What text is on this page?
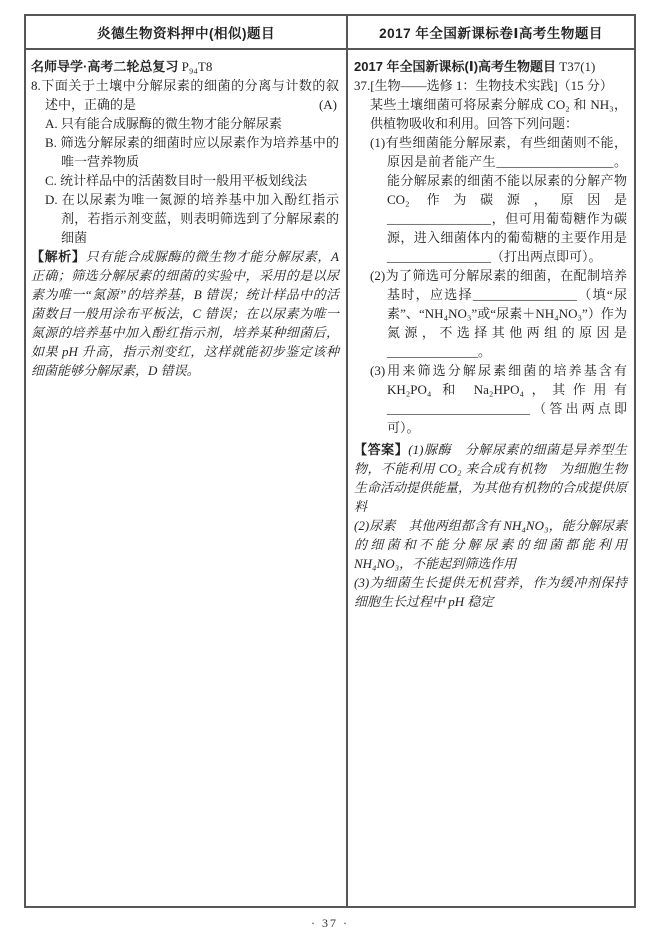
炎德生物资料押中(相似)题目	2017 年全国新课标卷Ⅰ高考生物题目

名师导学·高考二轮总复习 P₉₄T8

8.下面关于土壤中分解尿素的细菌的分离与计数的叙述中，正确的是	(A)

A. 只有能合成脲酶的微生物才能分解尿素

B. 筛选分解尿素的细菌时应以尿素作为培养基中的唯一营养物质

C. 统计样品中的活菌数目时一般用平板划线法

D. 在以尿素为唯一氮源的培养基中加入酚红指示剂，若指示剂变蓝，则表明筛选到了分解尿素的细菌

【解析】只有能合成脲酶的微生物才能分解尿素，A 正确；筛选分解尿素的细菌的实验中，采用的是以尿素为唯一“氮源”的培养基，B 错误；统计样品中的活菌数目一般用涂布平板法，C 错误；在以尿素为唯一氮源的培养基中加入酚红指示剂，培养某种细菌后，如果 pH 升高，指示剂变红，这样就能初步鉴定该种细菌能够分解尿素，D 错误。

2017 年全国新课标(Ⅰ)高考生物题目 T37(1)

37.[生物——选修 1：生物技术实践]（15 分）

某些土壤细菌可将尿素分解成 CO₂ 和 NH₃，供植物吸收和利用。回答下列问题：

(1)有些细菌能分解尿素，有些细菌则不能，原因是前者能产生__________________。能分解尿素的细菌不能以尿素的分解产物 CO₂ 作为碳源，原因是________________，但可用葡萄糖作为碳源，进入细菌体内的葡萄糖的主要作用是________________（打出两点即可）。

(2)为了筛选可分解尿素的细菌，在配制培养基时，应选择________________（填“尿素”、“NH₄NO₃”或“尿素＋NH₄NO₃”）作为氮源，不选择其他两组的原因是______________。

(3)用来筛选分解尿素细菌的培养基含有 KH₂PO₄ 和 Na₂HPO₄，其作用有______________________（答出两点即可）。

【答案】(1)脲酶　分解尿素的细菌是异养型生物，不能利用 CO₂ 来合成有机物　为细胞生物生命活动提供能量，为其他有机物的合成提供原料

(2)尿素　其他两组都含有 NH₄NO₃，能分解尿素的细菌和不能分解尿素的细菌都能利用 NH₄NO₃，不能起到筛选作用

(3)为细菌生长提供无机营养，作为缓冲剂保持细胞生长过程中 pH 稳定

· 37 ·
